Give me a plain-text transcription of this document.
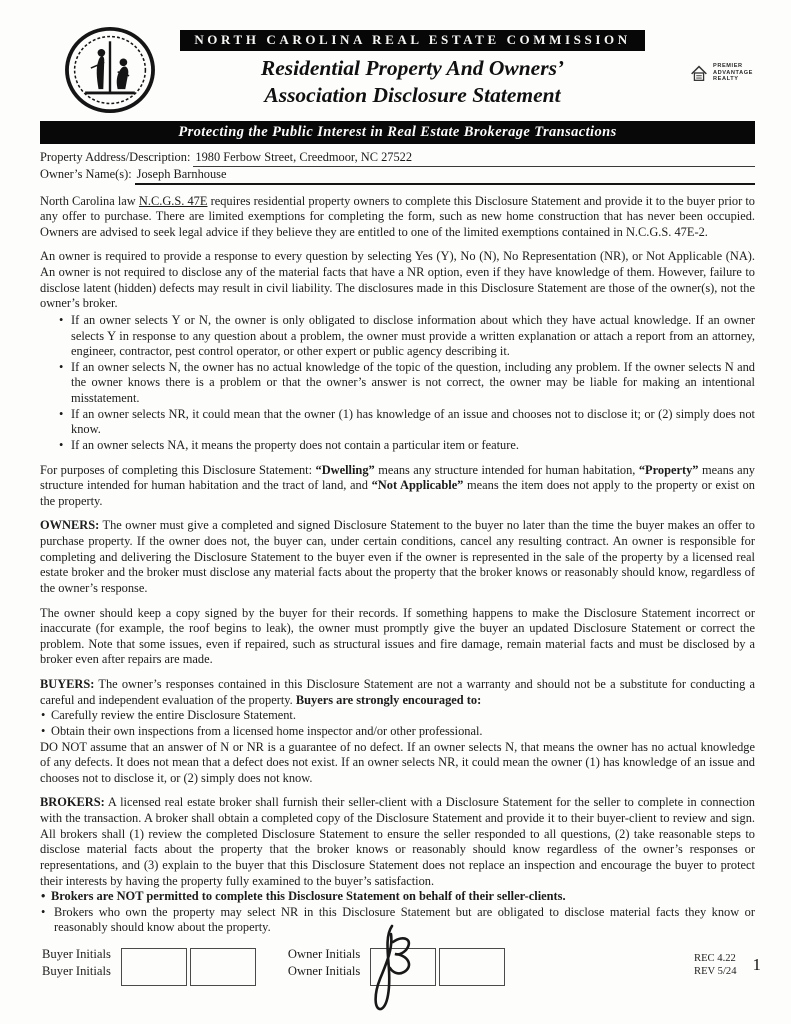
NORTH CAROLINA REAL ESTATE COMMISSION
Residential Property And Owners’
Association Disclosure Statement
PREMIER
ADVANTAGE
REALTY
Protecting the Public Interest in Real Estate Brokerage Transactions
Property Address/Description: 1980 Ferbow Street, Creedmoor, NC 27522
Owner’s Name(s): Joseph Barnhouse

North Carolina law N.C.G.S. 47E requires residential property owners to complete this Disclosure Statement and provide it to the buyer prior to any offer to purchase. There are limited exemptions for completing the form, such as new home construction that has never been occupied. Owners are advised to seek legal advice if they believe they are entitled to one of the limited exemptions contained in N.C.G.S. 47E-2.

An owner is required to provide a response to every question by selecting Yes (Y), No (N), No Representation (NR), or Not Applicable (NA). An owner is not required to disclose any of the material facts that have a NR option, even if they have knowledge of them. However, failure to disclose latent (hidden) defects may result in civil liability. The disclosures made in this Disclosure Statement are those of the owner(s), not the owner’s broker.

• If an owner selects Y or N, the owner is only obligated to disclose information about which they have actual knowledge. If an owner selects Y in response to any question about a problem, the owner must provide a written explanation or attach a report from an attorney, engineer, contractor, pest control operator, or other expert or public agency describing it.
• If an owner selects N, the owner has no actual knowledge of the topic of the question, including any problem. If the owner selects N and the owner knows there is a problem or that the owner’s answer is not correct, the owner may be liable for making an intentional misstatement.
• If an owner selects NR, it could mean that the owner (1) has knowledge of an issue and chooses not to disclose it; or (2) simply does not know.
• If an owner selects NA, it means the property does not contain a particular item or feature.

For purposes of completing this Disclosure Statement: “Dwelling” means any structure intended for human habitation, “Property” means any structure intended for human habitation and the tract of land, and “Not Applicable” means the item does not apply to the property or exist on the property.

OWNERS: The owner must give a completed and signed Disclosure Statement to the buyer no later than the time the buyer makes an offer to purchase property. If the owner does not, the buyer can, under certain conditions, cancel any resulting contract. An owner is responsible for completing and delivering the Disclosure Statement to the buyer even if the owner is represented in the sale of the property by a licensed real estate broker and the broker must disclose any material facts about the property that the broker knows or reasonably should know, regardless of the owner’s response.

The owner should keep a copy signed by the buyer for their records. If something happens to make the Disclosure Statement incorrect or inaccurate (for example, the roof begins to leak), the owner must promptly give the buyer an updated Disclosure Statement or correct the problem. Note that some issues, even if repaired, such as structural issues and fire damage, remain material facts and must be disclosed by a broker even after repairs are made.

BUYERS: The owner’s responses contained in this Disclosure Statement are not a warranty and should not be a substitute for conducting a careful and independent evaluation of the property. Buyers are strongly encouraged to:

• Carefully review the entire Disclosure Statement.
• Obtain their own inspections from a licensed home inspector and/or other professional.

DO NOT assume that an answer of N or NR is a guarantee of no defect. If an owner selects N, that means the owner has no actual knowledge of any defects. It does not mean that a defect does not exist. If an owner selects NR, it could mean the owner (1) has knowledge of an issue and chooses not to disclose it, or (2) simply does not know.

BROKERS: A licensed real estate broker shall furnish their seller-client with a Disclosure Statement for the seller to complete in connection with the transaction. A broker shall obtain a completed copy of the Disclosure Statement and provide it to their buyer-client to review and sign. All brokers shall (1) review the completed Disclosure Statement to ensure the seller responded to all questions, (2) take reasonable steps to disclose material facts about the property that the broker knows or reasonably should know regardless of the owner’s responses or representations, and (3) explain to the buyer that this Disclosure Statement does not replace an inspection and encourage the buyer to protect their interests by having the property fully examined to the buyer’s satisfaction.

• Brokers are NOT permitted to complete this Disclosure Statement on behalf of their seller-clients.
• Brokers who own the property may select NR in this Disclosure Statement but are obligated to disclose material facts they know or reasonably should know about the property.
Buyer Initials
Buyer Initials
Owner Initials
Owner Initials
REC 4.22
REV 5/24 1
